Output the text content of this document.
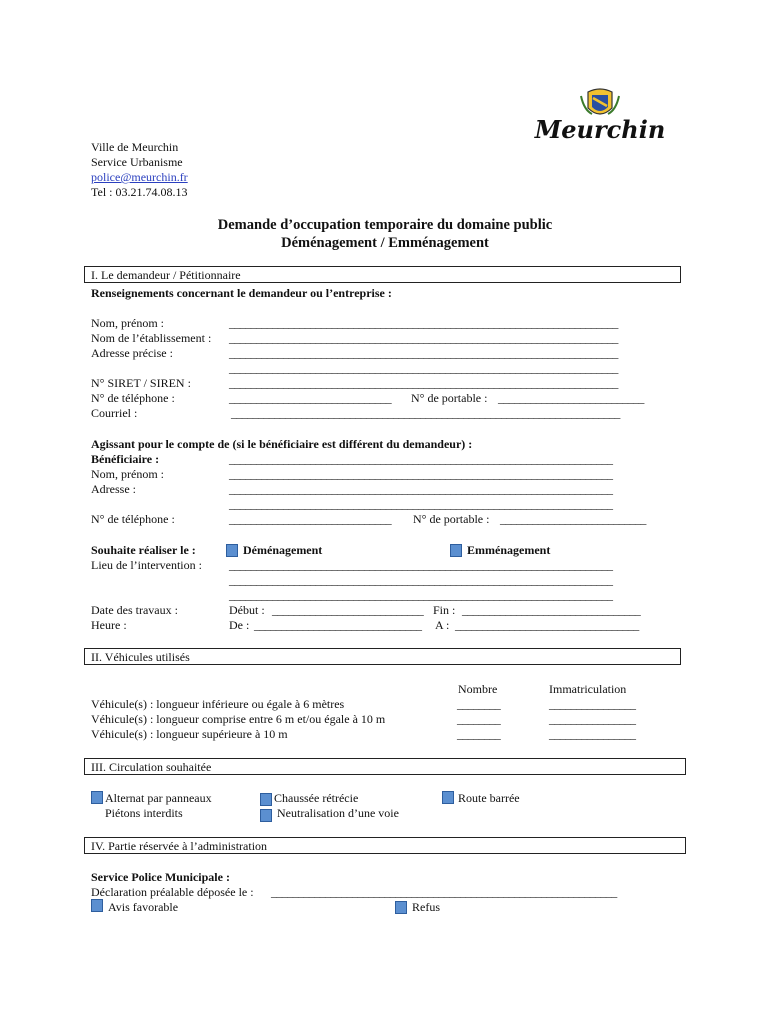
Meurchin
Ville de Meurchin
Service Urbanisme
police@meurchin.fr
Tel : 03.21.74.08.13
Demande d’occupation temporaire du domaine public
Déménagement / Emménagement
I. Le demandeur / Pétitionnaire
Renseignements concernant le demandeur ou l’entreprise :
Nom, prénom :	________________________________________________________________________
Nom de l’établissement : ________________________________________________________________________
Adresse précise :	________________________________________________________________________
________________________________________________________________________
N° SIRET / SIREN :	________________________________________________________________________
N° de téléphone :	______________________________	N° de portable : ___________________________
Courriel :	________________________________________________________________________
Agissant pour le compte de (si le bénéficiaire est différent du demandeur) :
Bénéficiaire :	_______________________________________________________________________
Nom, prénom :	_______________________________________________________________________
Adresse :	_______________________________________________________________________
_______________________________________________________________________
N° de téléphone :	______________________________	N° de portable : ___________________________
Souhaite réaliser le :	Déménagement	Emménagement
Lieu de l’intervention : _______________________________________________________________________
_______________________________________________________________________
_______________________________________________________________________
Date des travaux :	Début : ____________________________ Fin : _________________________________
Heure :	De : _______________________________	A : __________________________________
II. Véhicules utilisés
Nombre	Immatriculation
Véhicule(s) : longueur inférieure ou égale à 6 mètres	________	________________
Véhicule(s) : longueur comprise entre 6 m et/ou égale à 10 m	________	________________
Véhicule(s) : longueur supérieure à 10 m	________	________________
III. Circulation souhaitée
Alternat par panneaux
Piétons interdits
Chaussée rétrécie
Neutralisation d’une voie
Route barrée
IV. Partie réservée à l’administration
Service Police Municipale :
Déclaration préalable déposée le : ________________________________________________________________
Avis favorable	Refus
